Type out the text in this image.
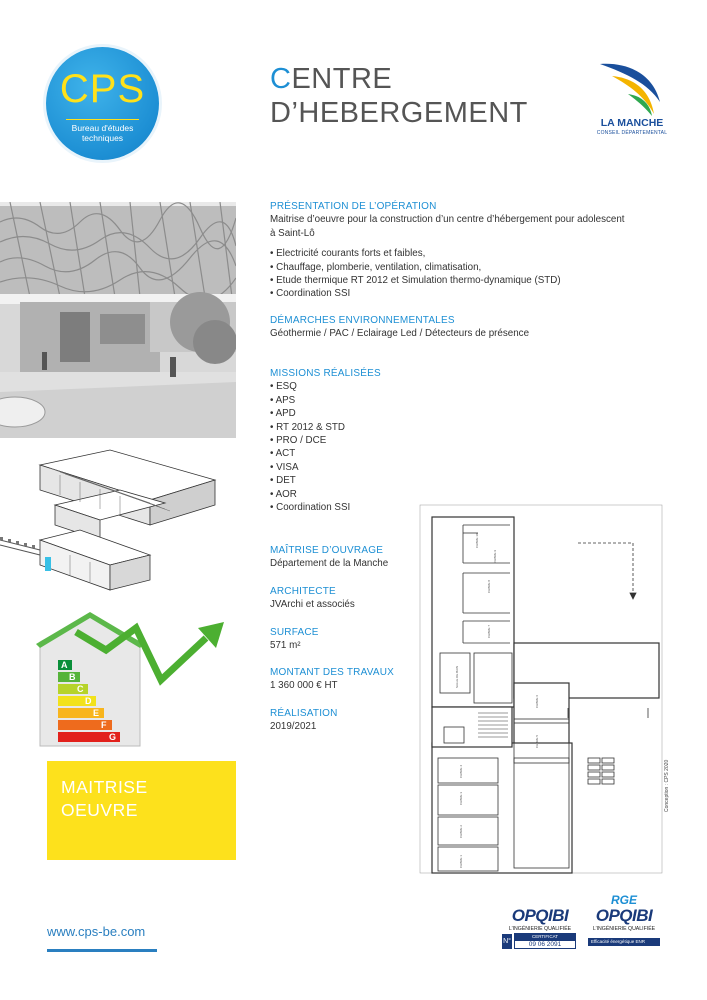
CPS
Bureau d'études
techniques
CENTRE
D’HEBERGEMENT	LA MANCHE
CONSEIL DÉPARTEMENTAL
A
B
C
D
E
F
G
MAITRISE
OEUVRE
www.cps-be.com
PRÉSENTATION DE L’OPÉRATION
Maitrise d’oeuvre pour la construction d’un centre d’hébergement pour adolescent
à Saint-Lô
• Electricité courants forts et faibles,
• Chauffage, plomberie, ventilation, climatisation,
• Etude thermique RT 2012 et Simulation thermo-dynamique (STD)
• Coordination SSI
DÉMARCHES ENVIRONNEMENTALES
Géothermie / PAC / Eclairage Led / Détecteurs de présence
MISSIONS RÉALISÉES
• ESQ
• APS
• APD
• RT 2012 & STD
• PRO / DCE
• ACT
• VISA
• DET
• AOR
• Coordination SSI
MAÎTRISE D’OUVRAGE
Département de la Manche
ARCHITECTE
JVArchi et associés
SURFACE
571 m²
MONTANT DES TRAVAUX
1 360 000 € HT
RÉALISATION
2019/2021
CHBRE 10
CHBRE 8
CHBRE 7
CHBRE 6
CHBRE 5
CHBRE 4
CHBRE 3
CHBRE 2
CHBRE 1
CHBRE 9
SALLE DE BAIN
Conception : CPS 2020
OPQIBI
L’INGÉNIERIE QUALIFIÉE
N°
CERTIFICAT
09 06 2091
RGE
OPQIBI
L’INGÉNIERIE QUALIFIÉE
Efficacité énergétique ENR
